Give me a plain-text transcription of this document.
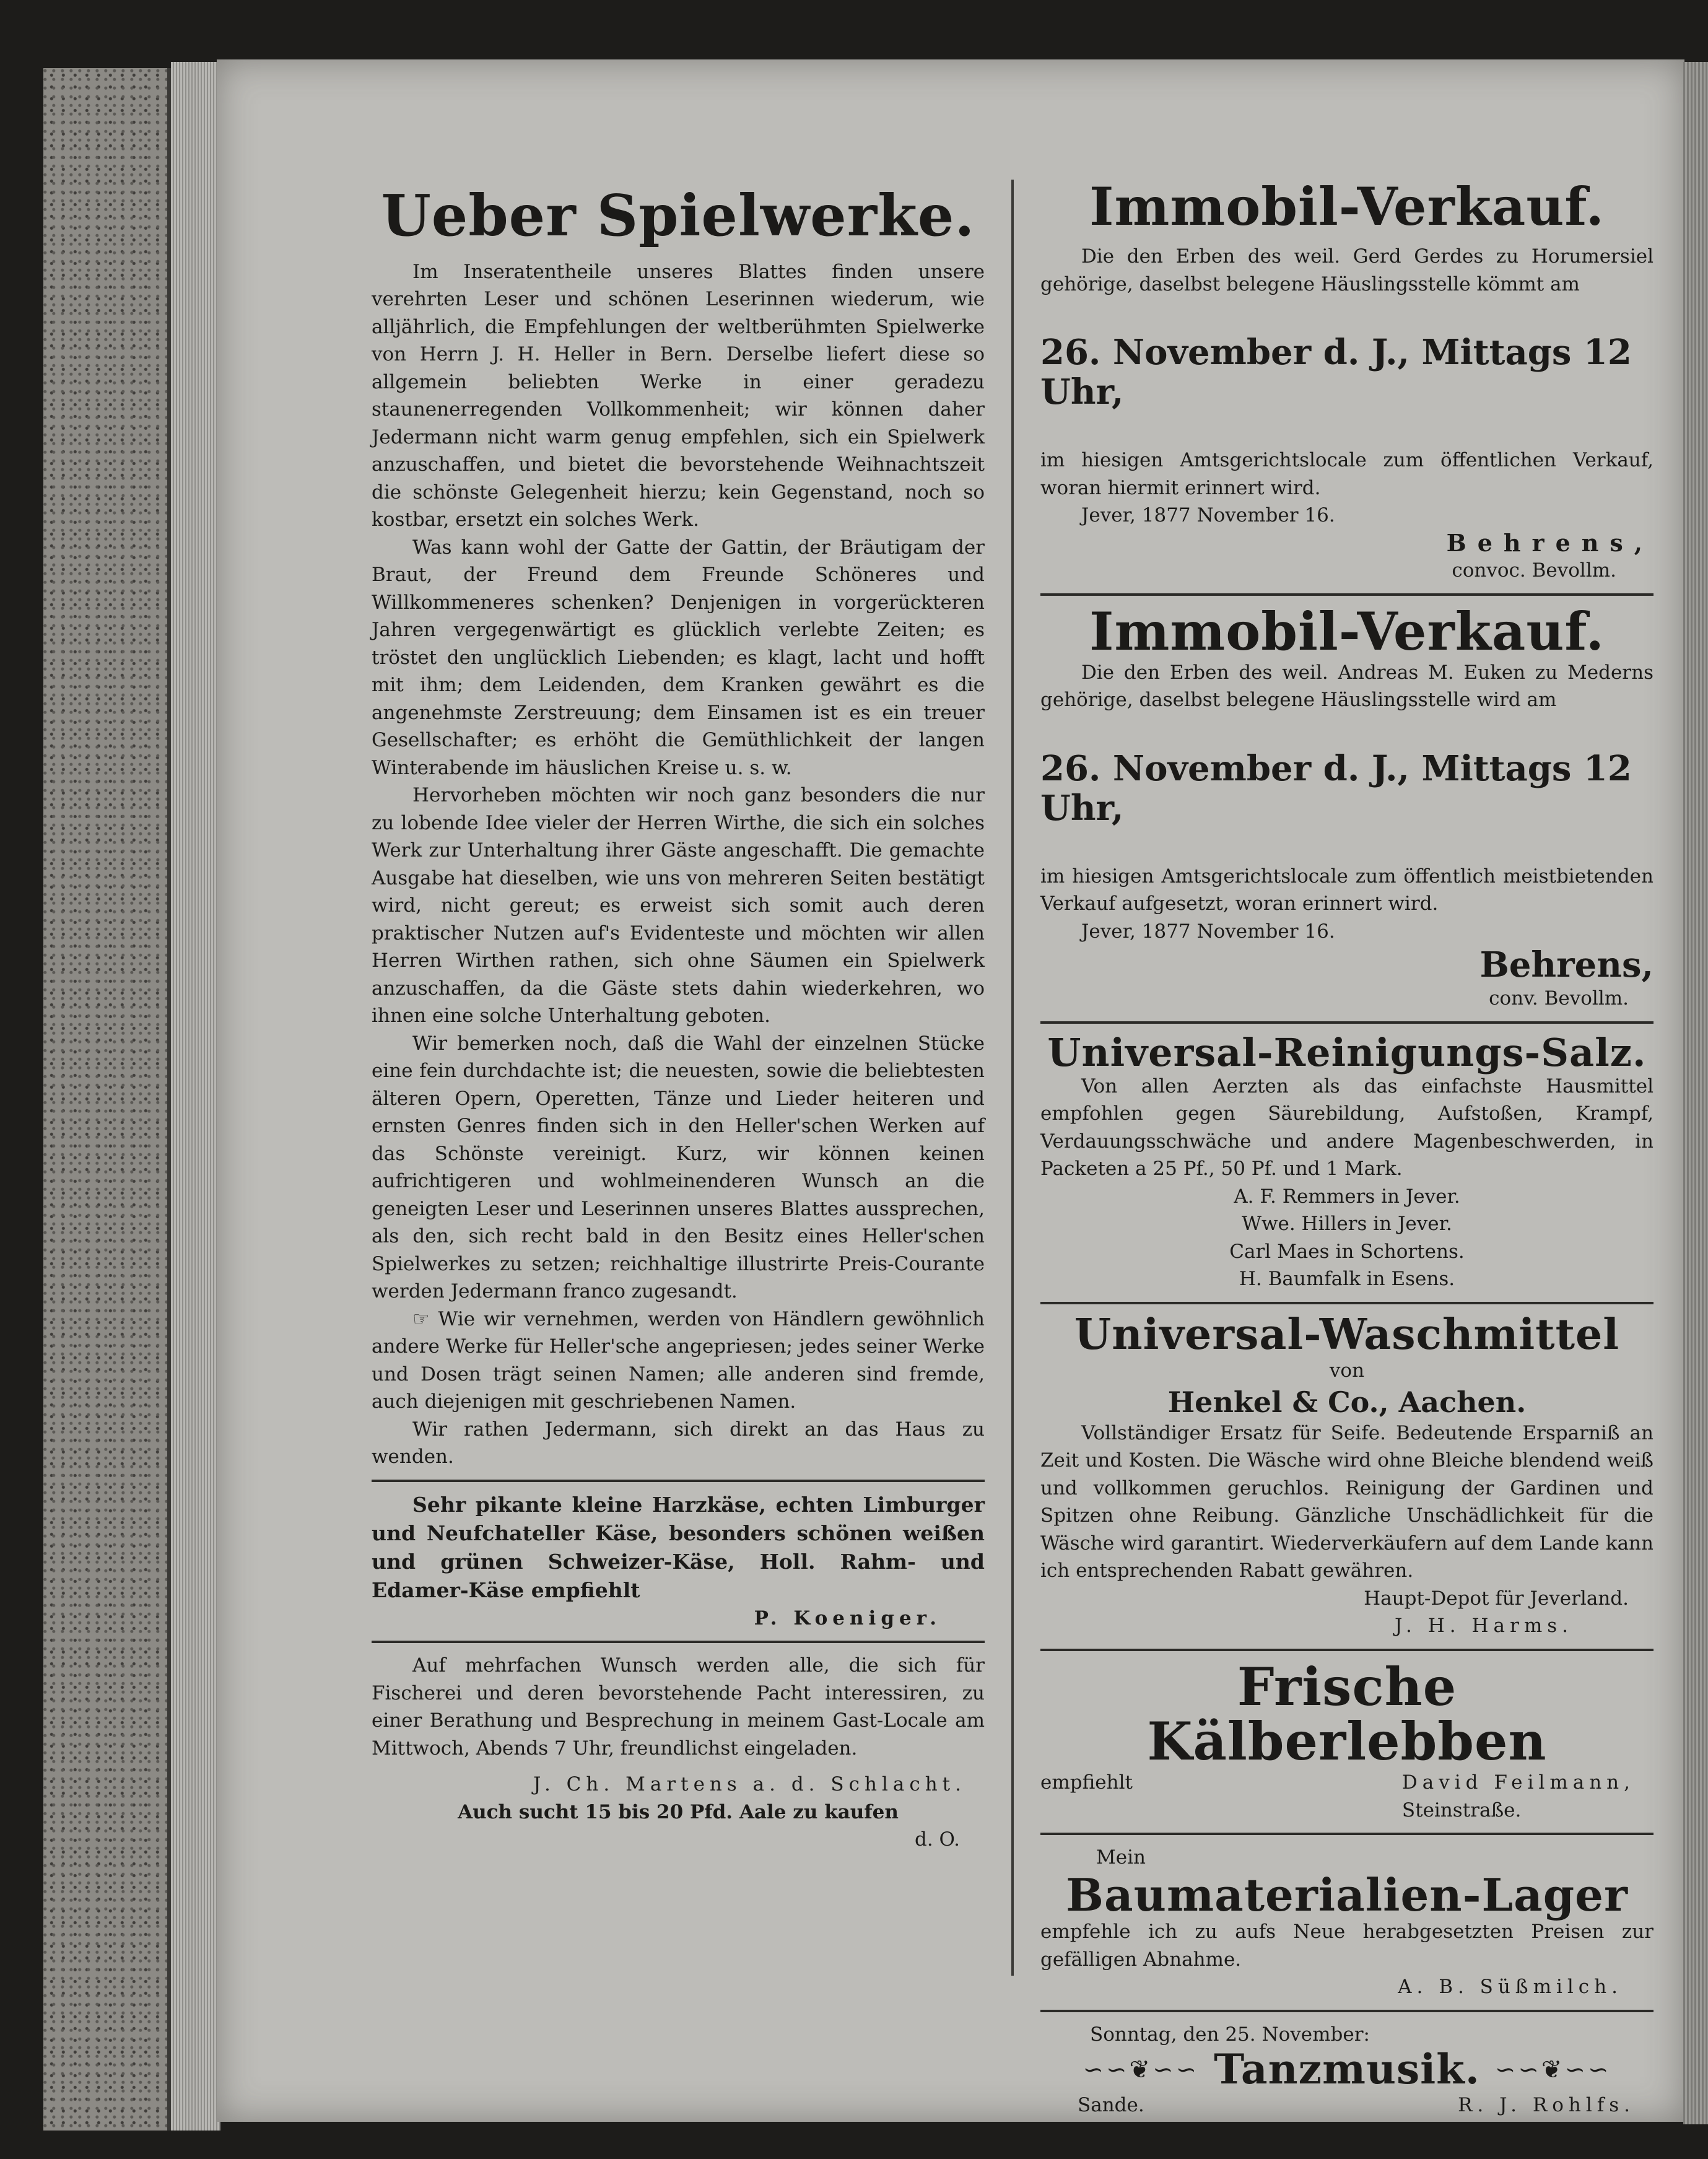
Ueber Spielwerke.

Im Inseratentheile unseres Blattes finden unsere verehrten Leser und schönen Leserinnen wiederum, wie alljährlich, die Empfehlungen der weltberühmten Spielwerke von Herrn J. H. Heller in Bern. Derselbe liefert diese so allgemein beliebten Werke in einer geradezu staunenerregenden Vollkommenheit; wir können daher Jedermann nicht warm genug empfehlen, sich ein Spielwerk anzuschaffen, und bietet die bevorstehende Weihnachtszeit die schönste Gelegenheit hierzu; kein Gegenstand, noch so kostbar, ersetzt ein solches Werk.

Was kann wohl der Gatte der Gattin, der Bräutigam der Braut, der Freund dem Freunde Schöneres und Willkommeneres schenken? Denjenigen in vorgerückteren Jahren vergegenwärtigt es glücklich verlebte Zeiten; es tröstet den unglücklich Liebenden; es klagt, lacht und hofft mit ihm; dem Leidenden, dem Kranken gewährt es die angenehmste Zerstreuung; dem Einsamen ist es ein treuer Gesellschafter; es erhöht die Gemüthlichkeit der langen Winterabende im häuslichen Kreise u. s. w.

Hervorheben möchten wir noch ganz besonders die nur zu lobende Idee vieler der Herren Wirthe, die sich ein solches Werk zur Unterhaltung ihrer Gäste angeschafft. Die gemachte Ausgabe hat dieselben, wie uns von mehreren Seiten bestätigt wird, nicht gereut; es erweist sich somit auch deren praktischer Nutzen auf's Evidenteste und möchten wir allen Herren Wirthen rathen, sich ohne Säumen ein Spielwerk anzuschaffen, da die Gäste stets dahin wiederkehren, wo ihnen eine solche Unterhaltung geboten.

Wir bemerken noch, daß die Wahl der einzelnen Stücke eine fein durchdachte ist; die neuesten, sowie die beliebtesten älteren Opern, Operetten, Tänze und Lieder heiteren und ernsten Genres finden sich in den Heller'schen Werken auf das Schönste vereinigt. Kurz, wir können keinen aufrichtigeren und wohlmeinenderen Wunsch an die geneigten Leser und Leserinnen unseres Blattes aussprechen, als den, sich recht bald in den Besitz eines Heller'schen Spielwerkes zu setzen; reichhaltige illustrirte Preis-Courante werden Jedermann franco zugesandt.

☞ Wie wir vernehmen, werden von Händlern gewöhnlich andere Werke für Heller'sche angepriesen; jedes seiner Werke und Dosen trägt seinen Namen; alle anderen sind fremde, auch diejenigen mit geschriebenen Namen.

Wir rathen Jedermann, sich direkt an das Haus zu wenden.

Sehr pikante kleine Harzkäse, echten Limburger und Neufchateller Käse, besonders schönen weißen und grünen Schweizer-Käse, Holl. Rahm- und Edamer-Käse empfiehlt

P. Koeniger.

Auf mehrfachen Wunsch werden alle, die sich für Fischerei und deren bevorstehende Pacht interessiren, zu einer Berathung und Besprechung in meinem Gast-Locale am Mittwoch, Abends 7 Uhr, freundlichst eingeladen.

J. Ch. Martens a. d. Schlacht.

Auch sucht 15 bis 20 Pfd. Aale zu kaufen

d. O.

Immobil-Verkauf.

Die den Erben des weil. Gerd Gerdes zu Horumersiel gehörige, daselbst belegene Häuslingsstelle kömmt am

26. November d. J., Mittags 12 Uhr,

im hiesigen Amtsgerichtslocale zum öffentlichen Verkauf, woran hiermit erinnert wird.

Jever, 1877 November 16.

Behrens,

convoc. Bevollm.

Immobil-Verkauf.

Die den Erben des weil. Andreas M. Euken zu Mederns gehörige, daselbst belegene Häuslingsstelle wird am

26. November d. J., Mittags 12 Uhr,

im hiesigen Amtsgerichtslocale zum öffentlich meistbietenden Verkauf aufgesetzt, woran erinnert wird.

Jever, 1877 November 16.

Behrens,

conv. Bevollm.

Universal-Reinigungs-Salz.

Von allen Aerzten als das einfachste Hausmittel empfohlen gegen Säurebildung, Aufstoßen, Krampf, Verdauungsschwäche und andere Magenbeschwerden, in Packeten a 25 Pf., 50 Pf. und 1 Mark.

A. F. Remmers in Jever.

Wwe. Hillers in Jever.

Carl Maes in Schortens.

H. Baumfalk in Esens.

Universal-Waschmittel

von

Henkel & Co., Aachen.

Vollständiger Ersatz für Seife. Bedeutende Ersparniß an Zeit und Kosten. Die Wäsche wird ohne Bleiche blendend weiß und vollkommen geruchlos. Reinigung der Gardinen und Spitzen ohne Reibung. Gänzliche Unschädlichkeit für die Wäsche wird garantirt. Wiederverkäufern auf dem Lande kann ich entsprechenden Rabatt gewähren.

Haupt-Depot für Jeverland.

J. H. Harms.

Frische Kälberlebben

empfiehlt	David Feilmann,

Steinstraße.

Mein

Baumaterialien-Lager

empfehle ich zu aufs Neue herabgesetzten Preisen zur gefälligen Abnahme.

A. B. Süßmilch.

Sonntag, den 25. November:

∽∽❦∽∽ Tanzmusik. ∽∽❦∽∽

Sande.	R. J. Rohlfs.
